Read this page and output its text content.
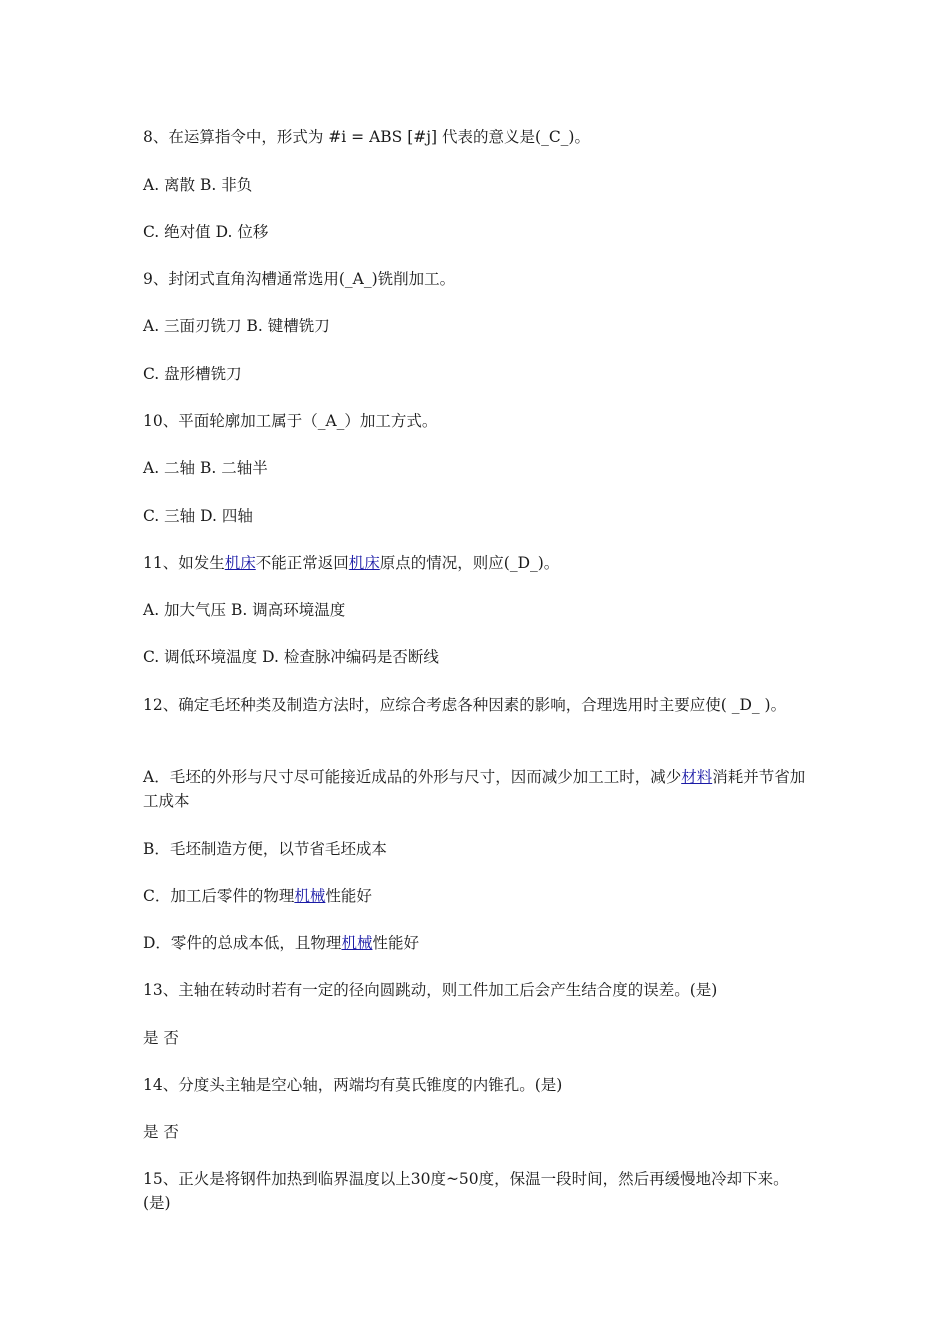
8、在运算指令中，形式为 #i = ABS [#j] 代表的意义是(_C_)。

A. 离散 B. 非负

C. 绝对值 D. 位移

9、封闭式直角沟槽通常选用(_A_)铣削加工。

A. 三面刃铣刀 B. 键槽铣刀

C. 盘形槽铣刀

10、平面轮廓加工属于（_A_）加工方式。

A. 二轴 B. 二轴半

C. 三轴 D. 四轴

11、如发生机床不能正常返回机床原点的情况，则应(_D_)。

A. 加大气压 B. 调高环境温度

C. 调低环境温度 D. 检查脉冲编码是否断线

12、确定毛坯种类及制造方法时，应综合考虑各种因素的影响，合理选用时主要应使( _D_ )。

A．毛坯的外形与尺寸尽可能接近成品的外形与尺寸，因而减少加工工时，减少材料消耗并节省加工成本

B．毛坯制造方便，以节省毛坯成本

C．加工后零件的物理机械性能好

D．零件的总成本低，且物理机械性能好

13、主轴在转动时若有一定的径向圆跳动，则工件加工后会产生结合度的误差。(是)

是 否

14、分度头主轴是空心轴，两端均有莫氏锥度的内锥孔。(是)

是 否

15、正火是将钢件加热到临界温度以上30度~50度，保温一段时间，然后再缓慢地冷却下来。 (是)
